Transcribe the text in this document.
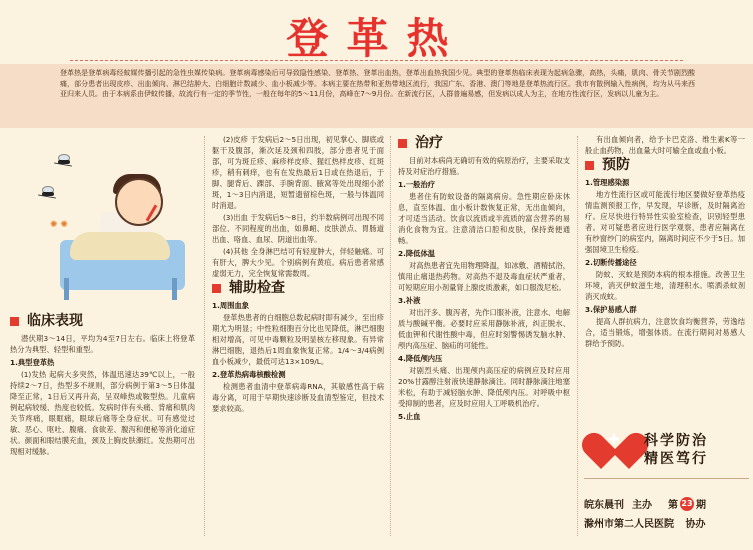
登革热
登革热是登革病毒经蚊媒传播引起的急性虫媒传染病。登革病毒感染后可导致隐性感染、登革热、登革出血热，登革出血热我国少见。典型的登革热临床表现为起病急骤，高热，头痛，肌肉、骨关节剧烈酸痛，部分患者出现皮疹、出血倾向、淋巴结肿大、白细胞计数减少、血小板减少等。本病主要在热带和亚热带地区流行，我国广东、香港、澳门等地是登革热流行区。我市有散例输入性病例，均为从马来西亚归来人员。由于本病系由伊蚊传播，故流行有一定的季节性，一般在每年的5～11月份，高峰在7～9月份。在新流行区，人群普遍易感，但发病以成人为主，在地方性流行区，发病以儿童为主。
✺ ✺
临床表现

潜伏期3～14日，平均为4至7日左右。临床上将登革热分为典型、轻型和重型。

1.典型登革热

(1)发热 起病大多突然，体温迅速达39℃以上，一般持续2～7日，热型多不规则，部分病例于第3～5日体温降至正常，1日后又再升高，呈双峰热或鞍型热。儿童病例起病较缓、热度也较低。发病时伴有头痛、背痛和肌肉关节疼痛，眼眶痛，眼球后痛等全身症状。可有感觉过敏、恶心、呕吐、腹痛、食欲差、腹泻和便秘等消化道症状。颜面和眼结膜充血，颈及上胸皮肤潮红。发热期可出现相对缓脉。

(2)皮疹 于发病后2～5日出现，初见掌心、脚底或躯干及腹部，渐次延及颈和四肢，部分患者见于面部，可为斑丘疹、麻疹样皮疹、猩红热样皮疹、红斑疹，稍有刺痒，也有在发热最后1日或在热退后，于脚、腿背后、踝部、手腕背面、腋窝等处出现细小淤斑，1～3日内消退，短暂遗留棕色斑，一般与体温同时消退。

(3)出血 于发病后5～8日，约半数病例可出现不同部位、不同程度的出血，如鼻衄、皮肤淤点、胃肠道出血、咯血、血尿、阴道出血等。

(4)其他 全身淋巴结可有轻度肿大，伴轻触痛。可有肝大，脾大少见。个别病例有黄疸。病后患者常感虚弱无力，完全恢复常需数周。

辅助检查
1.周围血象

登革热患者的白细胞总数起病时即有减少，至出疹期尤为明显；中性粒细胞百分比也见降低，淋巴细胞相对增高，可见中毒颗粒及明显核左移现象。有异常淋巴细胞，退热后1周血象恢复正常。1/4～3/4病例血小板减少，最低可达13×109/L。

2.登革热病毒核酸检测

检测患者血清中登革病毒RNA，其敏感性高于病毒分离，可用于早期快速诊断及血清型鉴定，但技术要求较高。

治疗

目前对本病尚无确切有效的病原治疗，主要采取支持及对症治疗措施。

1.一般治疗

患者住有防蚊设备的隔离病房。急性期应卧床休息，直至体温、血小板计数恢复正常，无出血倾向，才可适当活动。饮食以流质或半流质的富含营养的易消化食物为宜。注意清洁口腔和皮肤，保持粪便通畅。

2.降低体温

对高热患者宜先用物理降温，如冰敷、酒精拭浴，慎用止痛退热药物。对高热不退及毒血症状严重者，可短期应用小剂量肾上腺皮质激素，如口服泼尼松。

3.补液

对出汗多、腹泻者，先作口服补液，注意水、电解质与酸碱平衡。必要时应采用静脉补液，纠正脱水、低血钾和代谢性酸中毒，但应时刻警惕诱发脑水肿、颅内高压症、脑疝的可能性。

4.降低颅内压

对剧烈头痛、出现颅内高压症的病例应及时应用20%甘露醇注射液快速静脉滴注。同时静脉滴注地塞米松，有助于减轻脑水肿、降低颅内压。对呼吸中枢受抑制的患者，应及时应用人工呼吸机治疗。

5.止血

有出血倾向者，给予卡巴克洛、维生素K等一般止血药物，出血量大时可输全血或血小板。

预防
1.管理感染源

地方性流行区或可能流行地区要做好登革热疫情监测预报工作，早发现，早诊断，及时隔离治疗。应尽快进行特异性实验室检查，识别轻型患者。对可疑患者应进行医学观察，患者应隔离在有纱窗纱门的病室内，隔离时间应不少于5日。加强国境卫生检疫。

2.切断传播途径

防蚊、灭蚊是预防本病的根本措施。改善卫生环境，消灭伊蚊滋生地，清理积水。喷洒杀蚊剂消灭成蚊。

3.保护易感人群

提高人群抗病力，注意饮食均衡营养，劳逸结合，适当锻炼，增强体质。在流行期间对易感人群给予预防。

✚ 科学防治
精医笃行
皖东晨刊 主办 第 23 期
滁州市第二人民医院 协办
